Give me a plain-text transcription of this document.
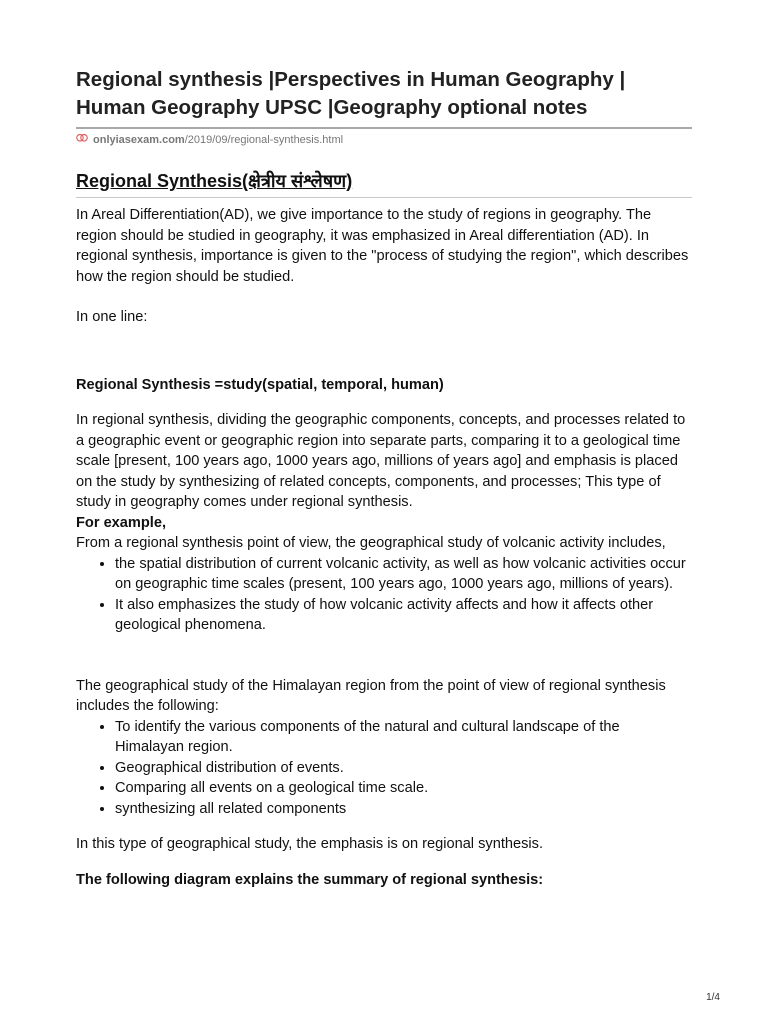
Regional synthesis |Perspectives in Human Geography | Human Geography UPSC |Geography optional notes
onlyiasexam.com/2019/09/regional-synthesis.html
Regional Synthesis(क्षेत्रीय संश्लेषण)

In Areal Differentiation(AD), we give importance to the study of regions in geography. The region should be studied in geography, it was emphasized in Areal differentiation (AD). In regional synthesis, importance is given to the "process of studying the region", which describes how the region should be studied.

In one line:

Regional Synthesis =study(spatial, temporal, human)

In regional synthesis, dividing the geographic components, concepts, and processes related to a geographic event or geographic region into separate parts, comparing it to a geological time scale [present, 100 years ago, 1000 years ago, millions of years ago] and emphasis is placed on the study by synthesizing of related concepts, components, and processes; This type of study in geography comes under regional synthesis.

For example,

From a regional synthesis point of view, the geographical study of volcanic activity includes,

• the spatial distribution of current volcanic activity, as well as how volcanic activities occur on geographic time scales (present, 100 years ago, 1000 years ago, millions of years).
• It also emphasizes the study of how volcanic activity affects and how it affects other geological phenomena.

The geographical study of the Himalayan region from the point of view of regional synthesis includes the following:

• To identify the various components of the natural and cultural landscape of the Himalayan region.
• Geographical distribution of events.
• Comparing all events on a geological time scale.
• synthesizing all related components

In this type of geographical study, the emphasis is on regional synthesis.

The following diagram explains the summary of regional synthesis:

1/4
